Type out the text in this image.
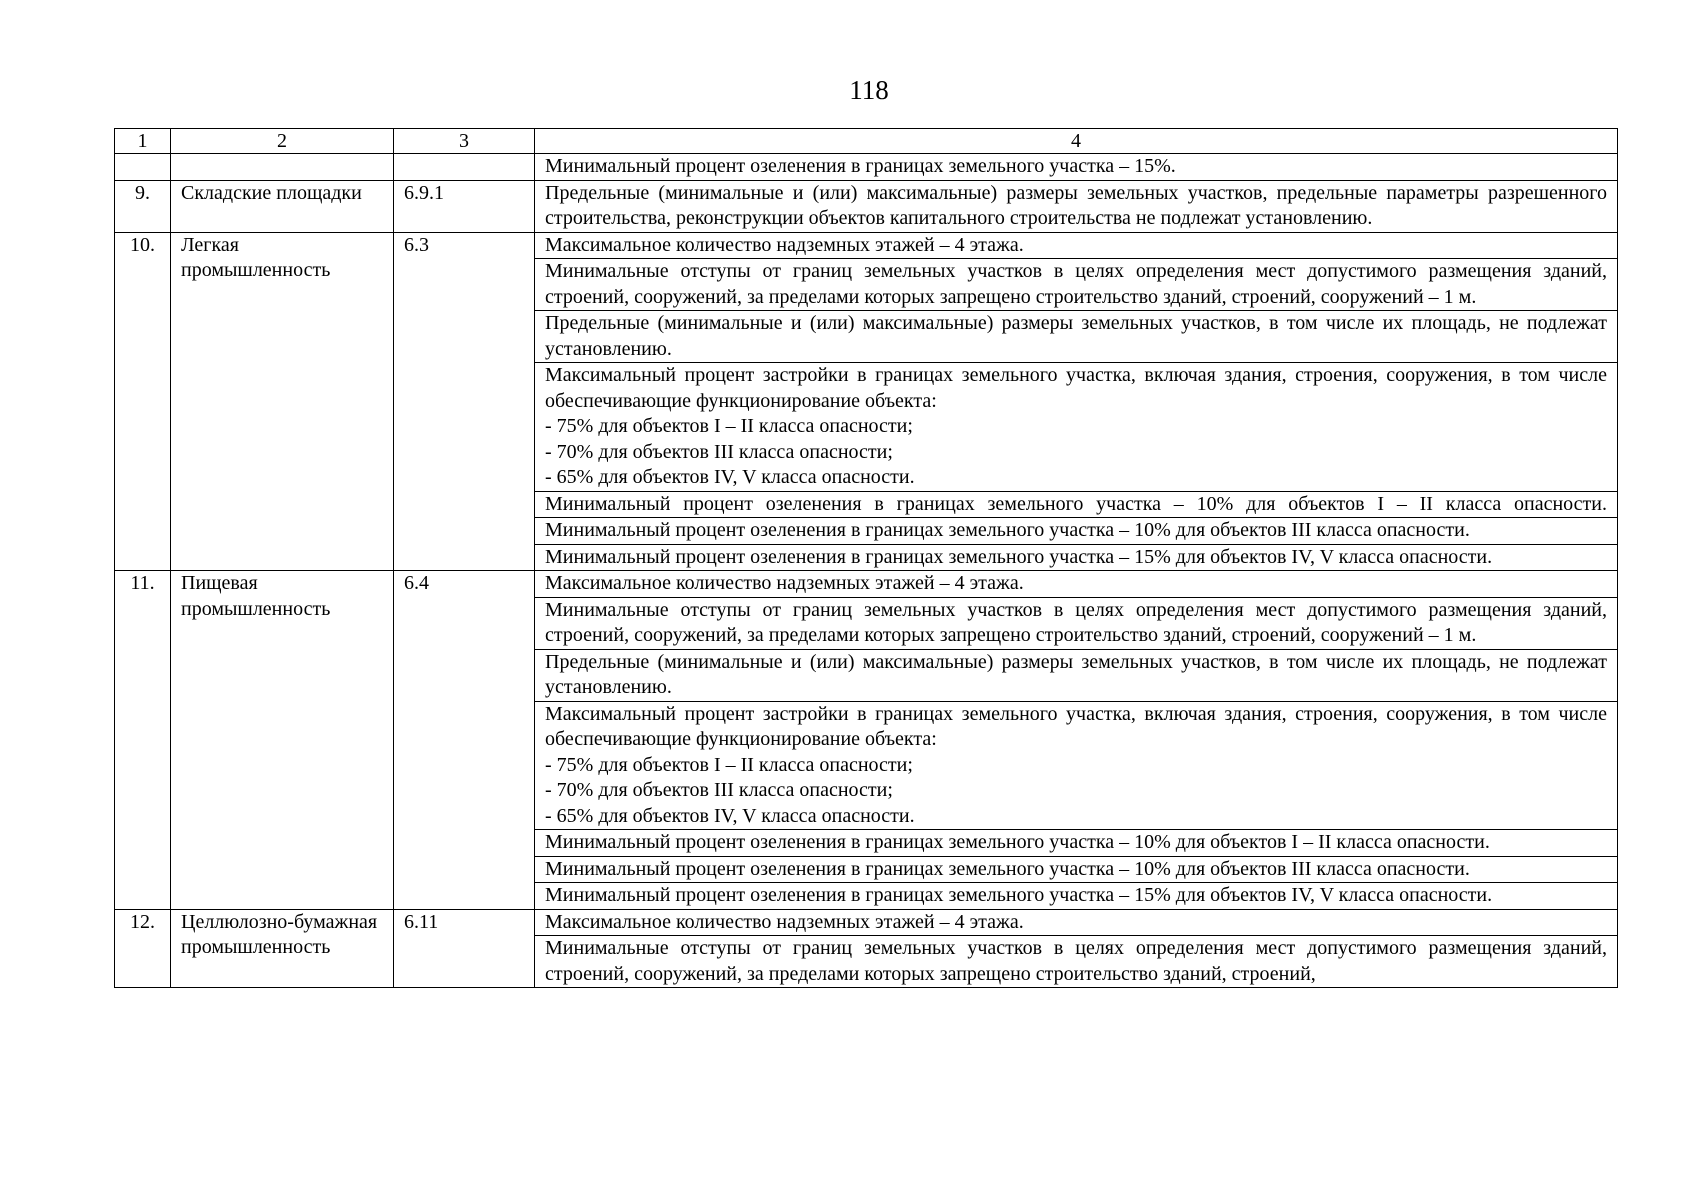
118
1	2	3	4
			Минимальный процент озеленения в границах земельного участка – 15%.
9.	Складские площадки	6.9.1	Предельные (минимальные и (или) максимальные) размеры земельных участков, предельные параметры разрешенного строительства, реконструкции объектов капитального строительства не подлежат установлению.
10.	Легкая промышленность	6.3	Максимальное количество надземных этажей – 4 этажа.
			Минимальные отступы от границ земельных участков в целях определения мест допустимого размещения зданий, строений, сооружений, за пределами которых запрещено строительство зданий, строений, сооружений – 1 м.
			Предельные (минимальные и (или) максимальные) размеры земельных участков, в том числе их площадь, не подлежат установлению.
			Максимальный процент застройки в границах земельного участка, включая здания, строения, сооружения, в том числе обеспечивающие функционирование объекта:
- 75% для объектов I – II класса опасности;
- 70% для объектов III класса опасности;
- 65% для объектов IV, V класса опасности.
			Минимальный процент озеленения в границах земельного участка – 10% для объектов I – II класса опасности.
			Минимальный процент озеленения в границах земельного участка – 10% для объектов III класса опасности.
			Минимальный процент озеленения в границах земельного участка – 15% для объектов IV, V класса опасности.
11.	Пищевая промышленность	6.4	Максимальное количество надземных этажей – 4 этажа.
			Минимальные отступы от границ земельных участков в целях определения мест допустимого размещения зданий, строений, сооружений, за пределами которых запрещено строительство зданий, строений, сооружений – 1 м.
			Предельные (минимальные и (или) максимальные) размеры земельных участков, в том числе их площадь, не подлежат установлению.
			Максимальный процент застройки в границах земельного участка, включая здания, строения, сооружения, в том числе обеспечивающие функционирование объекта:
- 75% для объектов I – II класса опасности;
- 70% для объектов III класса опасности;
- 65% для объектов IV, V класса опасности.
			Минимальный процент озеленения в границах земельного участка – 10% для объектов I – II класса опасности.
			Минимальный процент озеленения в границах земельного участка – 10% для объектов III класса опасности.
			Минимальный процент озеленения в границах земельного участка – 15% для объектов IV, V класса опасности.
12.	Целлюлозно-бумажная промышленность	6.11	Максимальное количество надземных этажей – 4 этажа.
			Минимальные отступы от границ земельных участков в целях определения мест допустимого размещения зданий, строений, сооружений, за пределами которых запрещено строительство зданий, строений,
